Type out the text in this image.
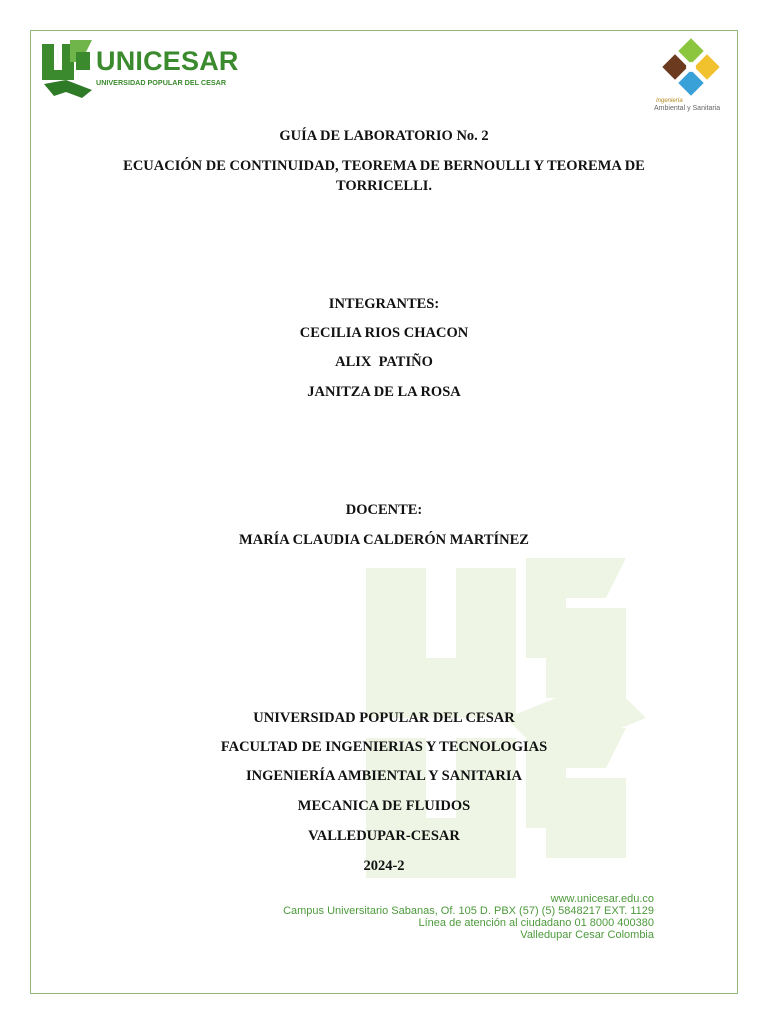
UNICESAR
UNIVERSIDAD POPULAR DEL CESAR
Ingeniería
Ambiental y Sanitaria
GUÍA DE LABORATORIO No. 2
ECUACIÓN DE CONTINUIDAD, TEOREMA DE BERNOULLI Y TEOREMA DE
TORRICELLI.
INTEGRANTES:
CECILIA RIOS CHACON
ALIX  PATIÑO
JANITZA DE LA ROSA
DOCENTE:
MARÍA CLAUDIA CALDERÓN MARTÍNEZ
UNIVERSIDAD POPULAR DEL CESAR
FACULTAD DE INGENIERIAS Y TECNOLOGIAS
INGENIERÍA AMBIENTAL Y SANITARIA
MECANICA DE FLUIDOS
VALLEDUPAR-CESAR
2024-2
www.unicesar.edu.co
Campus Universitario Sabanas, Of. 105 D. PBX (57) (5) 5848217 EXT. 1129
Línea de atención al ciudadano 01 8000 400380
Valledupar Cesar Colombia
